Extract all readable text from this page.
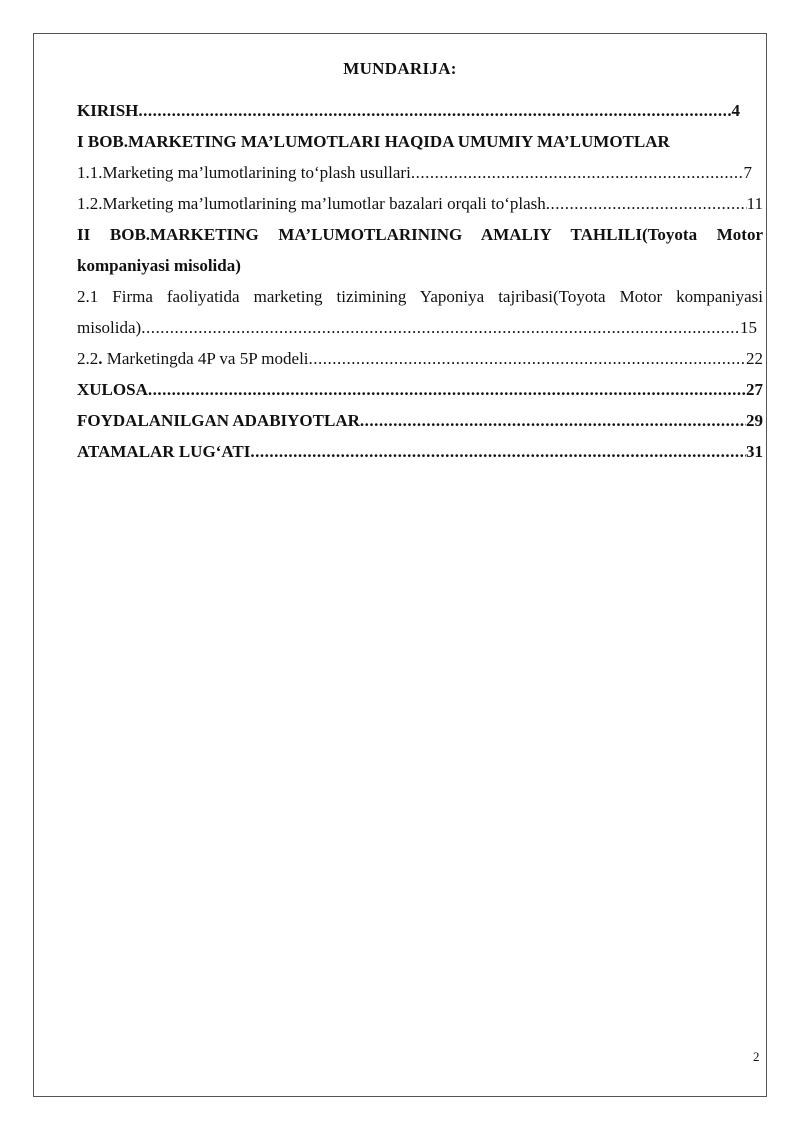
MUNDARIJA:
KIRISH .....	4
I BOB.MARKETING MA’LUMOTLARI HAQIDA UMUMIY MA’LUMOTLAR
1.1.Marketing ma’lumotlarining to‘plash usullari .....	7
1.2.Marketing ma’lumotlarining ma’lumotlar bazalari orqali to‘plash .....	11
II BOB.MARKETING MA’LUMOTLARINING AMALIY TAHLILI(Toyota Motor
kompaniyasi misolida)
2.1 Firma faoliyatida marketing tizimining Yaponiya tajribasi(Toyota Motor kompaniyasi
misolida) .....	15
2.2. Marketingda 4P va 5P modeli .....	22
XULOSA .....	27
FOYDALANILGAN ADABIYOTLAR .....	29
ATAMALAR LUG‘ATI .....	31
2
